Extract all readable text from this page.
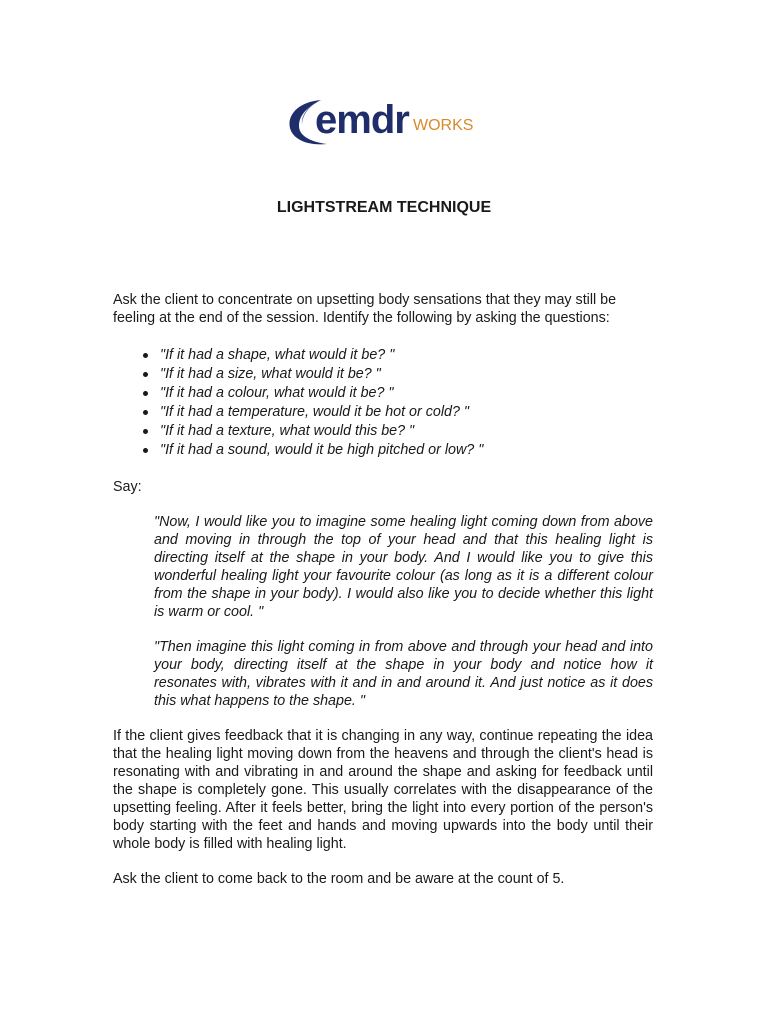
emdr WORKS
LIGHTSTREAM TECHNIQUE

Ask the client to concentrate on upsetting body sensations that they may still be feeling at the end of the session. Identify the following by asking the questions:

"If it had a shape, what would it be? "
"If it had a size, what would it be? "
"If it had a colour, what would it be? "
"If it had a temperature, would it be hot or cold? "
"If it had a texture, what would this be? "
"If it had a sound, would it be high pitched or low? "

Say:

"Now, I would like you to imagine some healing light coming down from above and moving in through the top of your head and that this healing light is directing itself at the shape in your body. And I would like you to give this wonderful healing light your favourite colour (as long as it is a different colour from the shape in your body). I would also like you to decide whether this light is warm or cool. "

"Then imagine this light coming in from above and through your head and into your body, directing itself at the shape in your body and notice how it resonates with, vibrates with it and in and around it. And just notice as it does this what happens to the shape. "

If the client gives feedback that it is changing in any way, continue repeating the idea that the healing light moving down from the heavens and through the client's head is resonating with and vibrating in and around the shape and asking for feedback until the shape is completely gone. This usually correlates with the disappearance of the upsetting feeling. After it feels better, bring the light into every portion of the person's body starting with the feet and hands and moving upwards into the body until their whole body is filled with healing light.

Ask the client to come back to the room and be aware at the count of 5.
